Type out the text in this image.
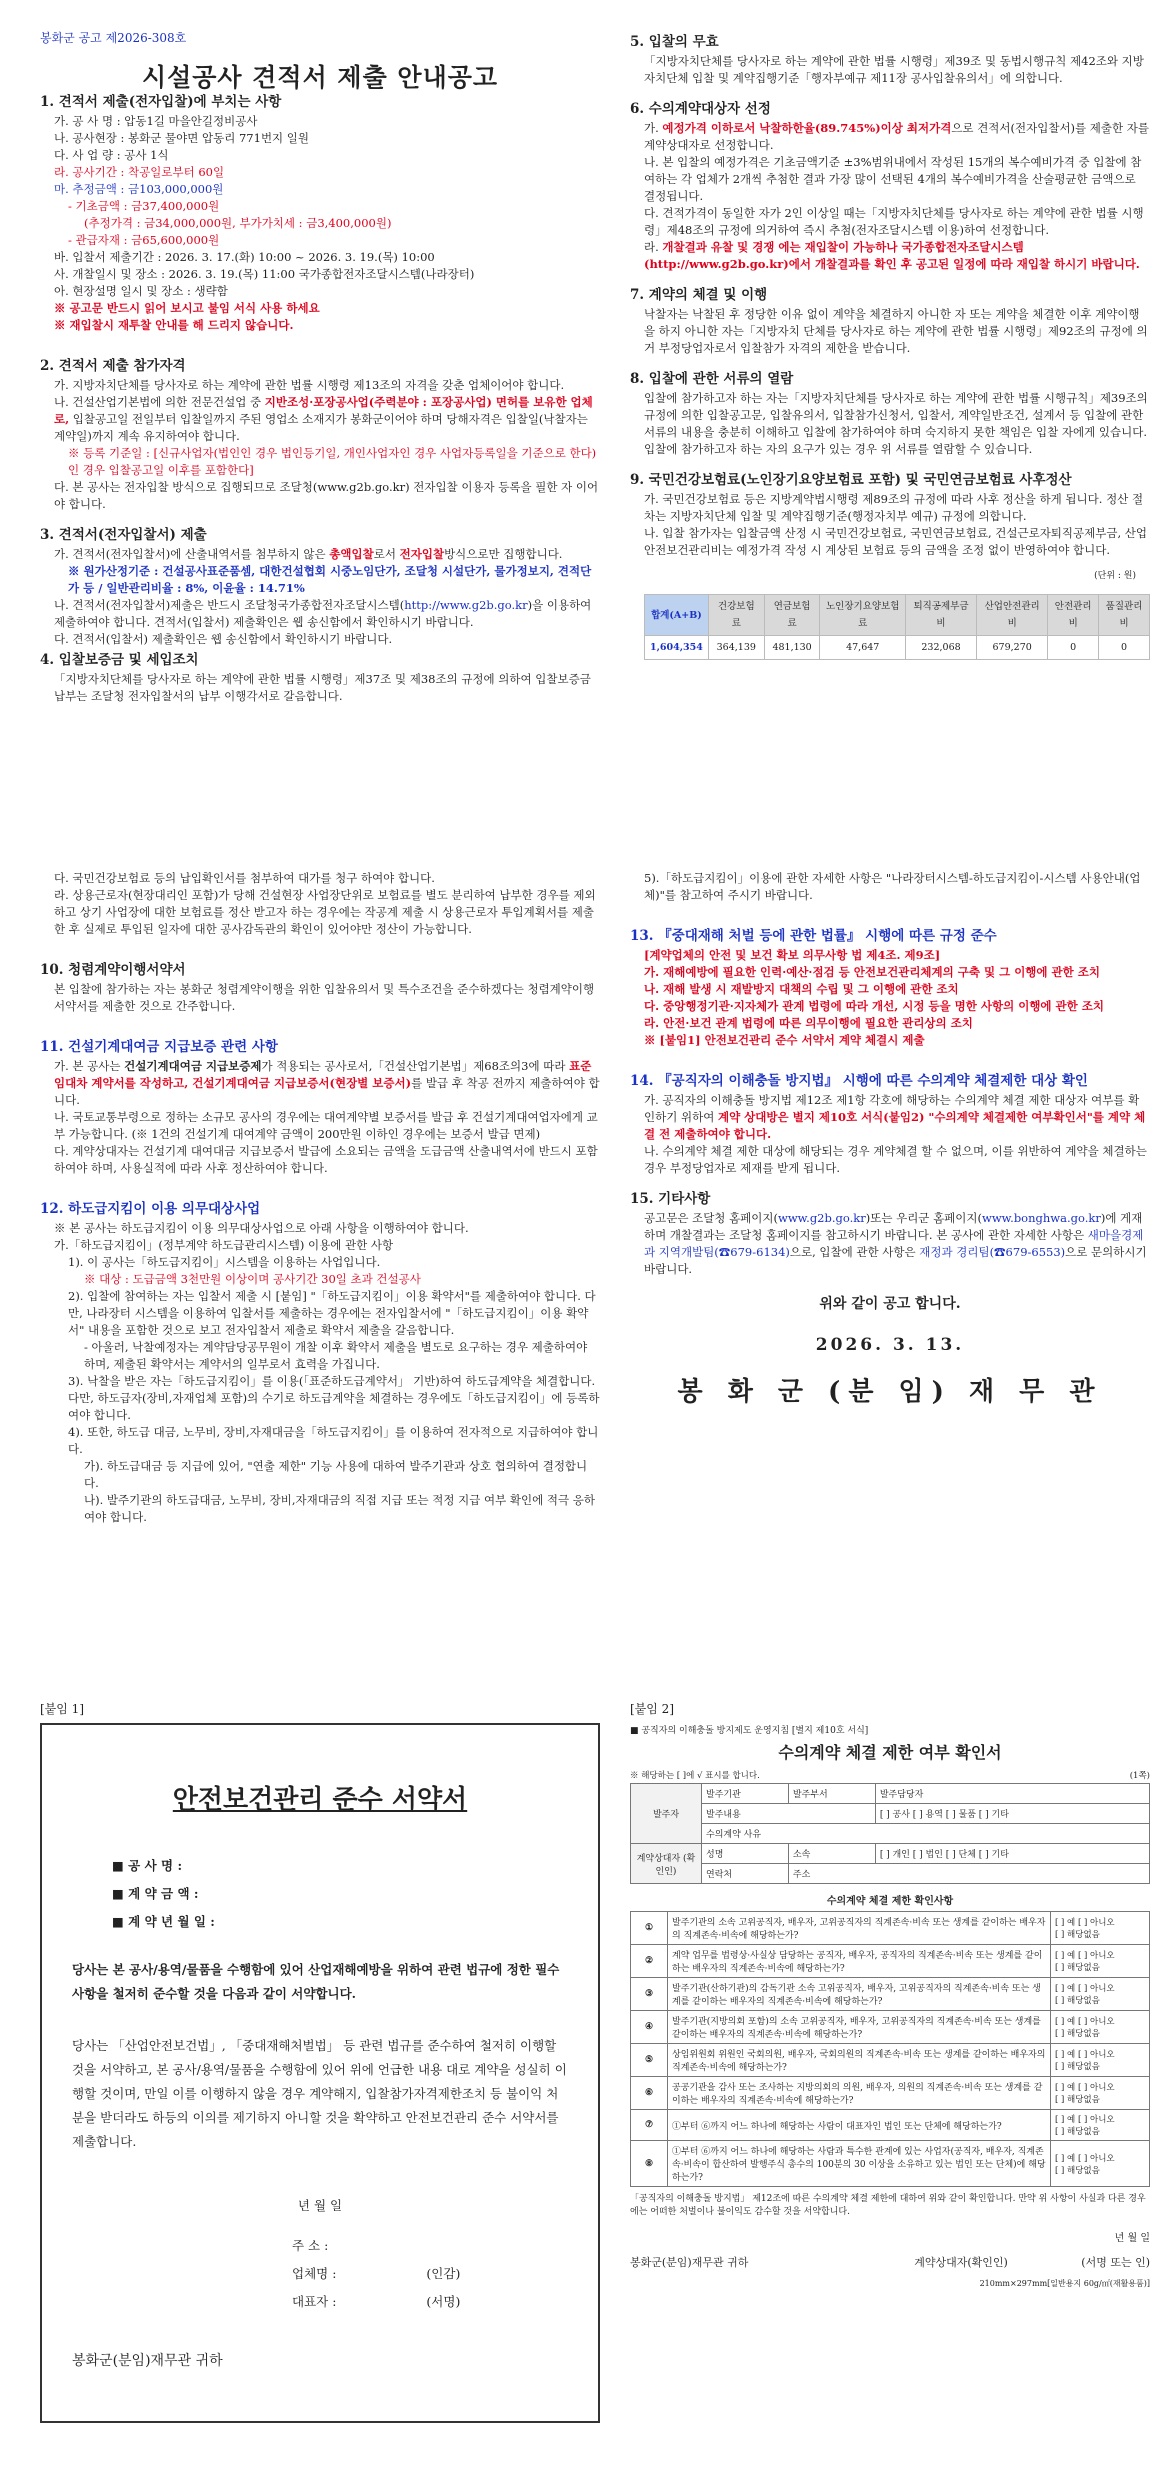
봉화군 공고 제2026-308호

시설공사 견적서 제출 안내공고

1. 견적서 제출(전자입찰)에 부치는 사항

가. 공 사 명 : 압동1길 마을안길정비공사

나. 공사현장 : 봉화군 물야면 압동리 771번지 일원

다. 사 업 량 : 공사 1식

라. 공사기간 : 착공일로부터 60일

마. 추정금액 : 금103,000,000원

- 기초금액 : 금37,400,000원

(추정가격 : 금34,000,000원, 부가가치세 : 금3,400,000원)

- 관급자재 : 금65,600,000원

바. 입찰서 제출기간 : 2026. 3. 17.(화) 10:00 ~ 2026. 3. 19.(목) 10:00

사. 개찰일시 및 장소 : 2026. 3. 19.(목) 11:00 국가종합전자조달시스템(나라장터)

아. 현장설명 일시 및 장소 : 생략함

※ 공고문 반드시 읽어 보시고 불임 서식 사용 하세요

※ 재입찰시 재투찰 안내를 해 드리지 않습니다.

2. 견적서 제출 참가자격

가. 지방자치단체를 당사자로 하는 계약에 관한 법률 시행령 제13조의 자격을 갖춘 업체이어야 합니다.

나. 건설산업기본법에 의한 전문건설업 중 지반조성·포장공사업(주력분야 : 포장공사업) 면허를 보유한 업체로, 입찰공고일 전일부터 입찰일까지 주된 영업소 소재지가 봉화군이어야 하며 당해자격은 입찰일(낙찰자는 계약일)까지 계속 유지하여야 합니다.

※ 등록 기준일 : [신규사업자(법인인 경우 법인등기일, 개인사업자인 경우 사업자등록일을 기준으로 한다)인 경우 입찰공고일 이후를 포함한다]

다. 본 공사는 전자입찰 방식으로 집행되므로 조달청(www.g2b.go.kr) 전자입찰 이용자 등록을 필한 자 이어야 합니다.

3. 견적서(전자입찰서) 제출

가. 견적서(전자입찰서)에 산출내역서를 첨부하지 않은 총액입찰로서 전자입찰방식으로만 집행합니다.

※ 원가산정기준 : 건설공사표준품셈, 대한건설협회 시중노임단가, 조달청 시설단가, 물가정보지, 견적단가 등 / 일반관리비율 : 8%, 이윤율 : 14.71%

나. 견적서(전자입찰서)제출은 반드시 조달청국가종합전자조달시스템(http://www.g2b.go.kr)을 이용하여 제출하여야 합니다. 견적서(입찰서) 제출확인은 웹 송신함에서 확인하시기 바랍니다.

다. 견적서(입찰서) 제출확인은 웹 송신함에서 확인하시기 바랍니다.

4. 입찰보증금 및 세입조치

「지방자치단체를 당사자로 하는 계약에 관한 법률 시행령」제37조 및 제38조의 규정에 의하여 입찰보증금 납부는 조달청 전자입찰서의 납부 이행각서로 갈음합니다.

5. 입찰의 무효

「지방자치단체를 당사자로 하는 계약에 관한 법률 시행령」제39조 및 동법시행규칙 제42조와 지방자치단체 입찰 및 계약집행기준「행자부예규 제11장 공사입찰유의서」에 의합니다.

6. 수의계약대상자 선정

가. 예정가격 이하로서 낙찰하한율(89.745%)이상 최저가격으로 견적서(전자입찰서)를 제출한 자를 계약상대자로 선정합니다.

나. 본 입찰의 예정가격은 기초금액기준 ±3%범위내에서 작성된 15개의 복수예비가격 중 입찰에 참여하는 각 업체가 2개씩 추첨한 결과 가장 많이 선택된 4개의 복수예비가격을 산술평균한 금액으로 결정됩니다.

다. 견적가격이 동일한 자가 2인 이상일 때는「지방자치단체를 당사자로 하는 계약에 관한 법률 시행령」제48조의 규정에 의거하여 즉시 추첨(전자조달시스템 이용)하여 선정합니다.

라. 개찰결과 유찰 및 경쟁 에는 재입찰이 가능하나 국가종합전자조달시스템(http://www.g2b.go.kr)에서 개찰결과를 확인 후 공고된 일정에 따라 재입찰 하시기 바랍니다.

7. 계약의 체결 및 이행

낙찰자는 낙찰된 후 정당한 이유 없이 계약을 체결하지 아니한 자 또는 계약을 체결한 이후 계약이행을 하지 아니한 자는「지방자치 단체를 당사자로 하는 계약에 관한 법률 시행령」제92조의 규정에 의거 부정당업자로서 입찰참가 자격의 제한을 받습니다.

8. 입찰에 관한 서류의 열람

입찰에 참가하고자 하는 자는「지방자치단체를 당사자로 하는 계약에 관한 법률 시행규칙」제39조의 규정에 의한 입찰공고문, 입찰유의서, 입찰참가신청서, 입찰서, 계약일반조건, 설계서 등 입찰에 관한 서류의 내용을 충분히 이해하고 입찰에 참가하여야 하며 숙지하지 못한 책임은 입찰 자에게 있습니다. 입찰에 참가하고자 하는 자의 요구가 있는 경우 위 서류를 열람할 수 있습니다.

9. 국민건강보험료(노인장기요양보험료 포함) 및 국민연금보험료 사후정산

가. 국민건강보험료 등은 지방계약법시행령 제89조의 규정에 따라 사후 정산을 하게 됩니다. 정산 절차는 지방자치단체 입찰 및 계약집행기준(행정자치부 예규) 규정에 의합니다.

나. 입찰 참가자는 입찰금액 산정 시 국민건강보험료, 국민연금보험료, 건설근로자퇴직공제부금, 산업안전보건관리비는 예정가격 작성 시 계상된 보험료 등의 금액을 조정 없이 반영하여야 합니다.

(단위 : 원)

합계(A+B)	건강보험료	연금보험료	노인장기요양보험료	퇴직공제부금비	산업안전관리비	안전관리비	품질관리비
1,604,354	364,139	481,130	47,647	232,068	679,270	0	0

다. 국민건강보험료 등의 납입확인서를 첨부하여 대가를 청구 하여야 합니다.

라. 상용근로자(현장대리인 포함)가 당해 건설현장 사업장단위로 보험료를 별도 분리하여 납부한 경우를 제외하고 상기 사업장에 대한 보험료를 정산 받고자 하는 경우에는 작공계 제출 시 상용근로자 투입계획서를 제출한 후 실제로 투입된 일자에 대한 공사감독관의 확인이 있어야만 정산이 가능합니다.

10. 청렴계약이행서약서

본 입찰에 참가하는 자는 봉화군 청렴계약이행을 위한 입찰유의서 및 특수조건을 준수하겠다는 청렴계약이행서약서를 제출한 것으로 간주합니다.

11. 건설기계대여금 지급보증 관련 사항

가. 본 공사는 건설기계대여금 지급보증제가 적용되는 공사로서,「건설산업기본법」제68조의3에 따라 표준임대차 계약서를 작성하고, 건설기계대여금 지급보증서(현장별 보증서)를 발급 후 착공 전까지 제출하여야 합니다.

나. 국토교통부령으로 정하는 소규모 공사의 경우에는 대여계약별 보증서를 발급 후 건설기계대여업자에게 교부 가능합니다. (※ 1건의 건설기계 대여계약 금액이 200만원 이하인 경우에는 보증서 발급 면제)

다. 계약상대자는 건설기계 대여대금 지급보증서 발급에 소요되는 금액을 도급금액 산출내역서에 반드시 포함하여야 하며, 사용실적에 따라 사후 정산하여야 합니다.

12. 하도급지킴이 이용 의무대상사업

※ 본 공사는 하도급지킴이 이용 의무대상사업으로 아래 사항을 이행하여야 합니다.

가.「하도급지킴이」(정부계약 하도급관리시스템) 이용에 관한 사항

1). 이 공사는「하도급지킴이」시스템을 이용하는 사업입니다.

※ 대상 : 도급금액 3천만원 이상이며 공사기간 30일 초과 건설공사

2). 입찰에 참여하는 자는 입찰서 제출 시 [붙임] "「하도급지킴이」이용 확약서"를 제출하여야 합니다. 다만, 나라장터 시스템을 이용하여 입찰서를 제출하는 경우에는 전자입찰서에 "「하도급지킴이」이용 확약서" 내용을 포함한 것으로 보고 전자입찰서 제출로 확약서 제출을 갈음합니다.

- 아울러, 낙찰예정자는 계약담당공무원이 개찰 이후 확약서 제출을 별도로 요구하는 경우 제출하여야 하며, 제출된 확약서는 계약서의 일부로서 효력을 가집니다.

3). 낙찰을 받은 자는「하도급지킴이」를 이용(「표준하도급계약서」 기반)하여 하도급계약을 체결합니다. 다만, 하도급자(장비,자재업체 포함)의 수기로 하도급계약을 체결하는 경우에도「하도급지킴이」에 등록하여야 합니다.

4). 또한, 하도급 대금, 노무비, 장비,자재대금을「하도급지킴이」를 이용하여 전자적으로 지급하여야 합니다.

가). 하도급대금 등 지급에 있어, "연출 제한" 기능 사용에 대하여 발주기관과 상호 협의하여 결정합니다.

나). 발주기관의 하도급대금, 노무비, 장비,자재대금의 직접 지급 또는 적정 지급 여부 확인에 적극 응하여야 합니다.

5).「하도급지킴이」이용에 관한 자세한 사항은 "나라장터시스템-하도급지킴이-시스템 사용안내(업체)"를 참고하여 주시기 바랍니다.

13. 『중대재해 처벌 등에 관한 법률』 시행에 따른 규정 준수

[계약업체의 안전 및 보건 확보 의무사항 법 제4조. 제9조]

가. 재해예방에 필요한 인력·예산·점검 등 안전보건관리체계의 구축 및 그 이행에 관한 조치

나. 재해 발생 시 재발방지 대책의 수립 및 그 이행에 관한 조치

다. 중앙행정기관·지자체가 관계 법령에 따라 개선, 시정 등을 명한 사항의 이행에 관한 조치

라. 안전·보건 관계 법령에 따른 의무이행에 필요한 관리상의 조치

※ [붙임1] 안전보건관리 준수 서약서 계약 체결시 제출

14. 『공직자의 이해충돌 방지법』 시행에 따른 수의계약 체결제한 대상 확인

가. 공직자의 이해충돌 방지법 제12조 제1항 각호에 해당하는 수의계약 체결 제한 대상자 여부를 확인하기 위하여 계약 상대방은 별지 제10호 서식(붙임2) "수의계약 체결제한 여부확인서"를 계약 체결 전 제출하여야 합니다.

나. 수의계약 체결 제한 대상에 해당되는 경우 계약체결 할 수 없으며, 이를 위반하여 계약을 체결하는 경우 부정당업자로 제재를 받게 됩니다.

15. 기타사항

공고문은 조달청 홈페이지(www.g2b.go.kr)또는 우리군 홈페이지(www.bonghwa.go.kr)에 게재하며 개찰결과는 조달청 홈페이지를 참고하시기 바랍니다. 본 공사에 관한 자세한 사항은 새마을경제과 지역개발팀(☎679-6134)으로, 입찰에 관한 사항은 재정과 경리팀(☎679-6553)으로 문의하시기 바랍니다.

위와 같이 공고 합니다.

2026. 3. 13.

봉 화 군 (분 임) 재 무 관

[붙임 1]

안전보건관리 준수 서약서

■ 공 사 명 :

■ 계 약 금 액 :

■ 계 약 년 월 일 :

당사는 본 공사/용역/물품을 수행함에 있어 산업재해예방을 위하여 관련 법규에 정한 필수사항을 철저히 준수할 것을 다음과 같이 서약합니다.

당사는 「산업안전보건법」, 「중대재해처벌법」 등 관련 법규를 준수하여 철저히 이행할 것을 서약하고, 본 공사/용역/물품을 수행함에 있어 위에 언급한 내용 대로 계약을 성실히 이행할 것이며, 만일 이를 이행하지 않을 경우 계약해지, 입찰참가자격제한조치 등 불이익 처분을 받더라도 하등의 이의를 제기하지 아니할 것을 확약하고 안전보건관리 준수 서약서를 제출합니다.

년 월 일

주 소 :

업체명 :	(인감)

대표자 :	(서명)

봉화군(분임)재무관 귀하

[붙임 2]

■ 공직자의 이해충돌 방지제도 운영지침 [별지 제10호 서식]

수의계약 체결 제한 여부 확인서

※ 해당하는 [ ]에 √ 표시를 합니다.	(1쪽)
발주자	발주기관	발주부서	발주담당자
	발주내용		[ ] 공사 [ ] 용역 [ ] 물품 [ ] 기타
	수의계약 사유		
계약상대자 (확인인)	성명	소속	[ ] 개인 [ ] 법인 [ ] 단체 [ ] 기타
	연락처	주소	

수의계약 체결 제한 확인사항

①	발주기관의 소속 고위공직자, 배우자, 고위공직자의 직계존속·비속 또는 생계를 같이하는 배우자의 직계존속·비속에 해당하는가?	[ ] 예 [ ] 아니오
[ ] 해당없음
②	계약 업무를 법령상·사실상 담당하는 공직자, 배우자, 공직자의 직계존속·비속 또는 생계를 같이하는 배우자의 직계존속·비속에 해당하는가?	[ ] 예 [ ] 아니오
[ ] 해당없음
③	발주기관(산하기관)의 감독기관 소속 고위공직자, 배우자, 고위공직자의 직계존속·비속 또는 생계를 같이하는 배우자의 직계존속·비속에 해당하는가?	[ ] 예 [ ] 아니오
[ ] 해당없음
④	발주기관(지방의회 포함)의 소속 고위공직자, 배우자, 고위공직자의 직계존속·비속 또는 생계를 같이하는 배우자의 직계존속·비속에 해당하는가?	[ ] 예 [ ] 아니오
[ ] 해당없음
⑤	상임위원회 위원인 국회의원, 배우자, 국회의원의 직계존속·비속 또는 생계를 같이하는 배우자의 직계존속·비속에 해당하는가?	[ ] 예 [ ] 아니오
[ ] 해당없음
⑥	공공기관을 감사 또는 조사하는 지방의회의 의원, 배우자, 의원의 직계존속·비속 또는 생계를 같이하는 배우자의 직계존속·비속에 해당하는가?	[ ] 예 [ ] 아니오
[ ] 해당없음
⑦	①부터 ⑥까지 어느 하나에 해당하는 사람이 대표자인 법인 또는 단체에 해당하는가?	[ ] 예 [ ] 아니오
[ ] 해당없음
⑧	①부터 ⑥까지 어느 하나에 해당하는 사람과 특수한 관계에 있는 사업자(공직자, 배우자, 직계존속·비속이 합산하여 발행주식 총수의 100분의 30 이상을 소유하고 있는 법인 또는 단체)에 해당하는가?	[ ] 예 [ ] 아니오
[ ] 해당없음

「공직자의 이해충돌 방지법」 제12조에 따른 수의계약 체결 제한에 대하여 위와 같이 확인합니다. 만약 위 사항이 사실과 다른 경우에는 어떠한 처벌이나 불이익도 감수할 것을 서약합니다.

년 월 일

봉화군(분임)재무관 귀하	계약상대자(확인인)	(서명 또는 인)

210mm×297mm[일반용지 60g/㎡(재활용품)]
